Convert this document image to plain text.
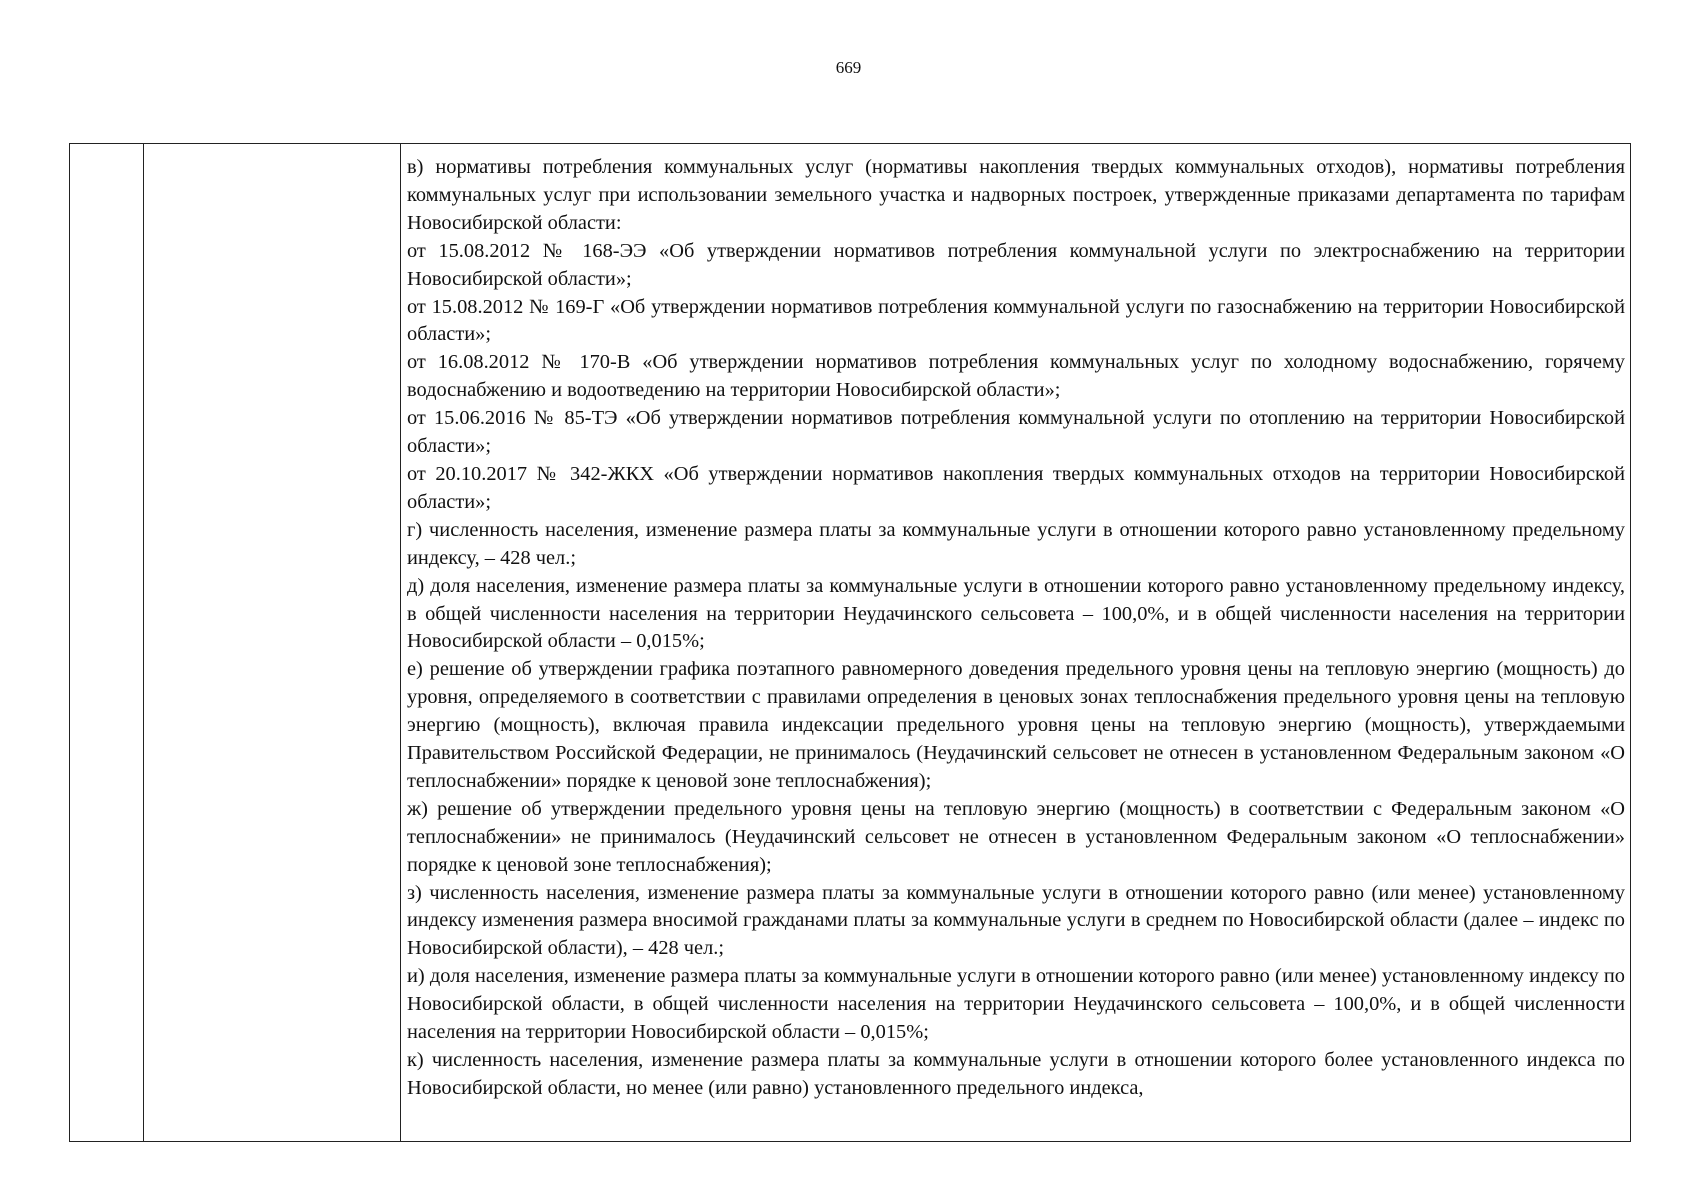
669

в) нормативы потребления коммунальных услуг (нормативы накопления твердых коммунальных отходов), нормативы потребления коммунальных услуг при использовании земельного участка и надворных построек, утвержденные приказами департамента по тарифам Новосибирской области:

от 15.08.2012 № 168-ЭЭ «Об утверждении нормативов потребления коммунальной услуги по электроснабжению на территории Новосибирской области»;

от 15.08.2012 № 169-Г «Об утверждении нормативов потребления коммунальной услуги по газоснабжению на территории Новосибирской области»;

от 16.08.2012 № 170-В «Об утверждении нормативов потребления коммунальных услуг по холодному водоснабжению, горячему водоснабжению и водоотведению на территории Новосибирской области»;

от 15.06.2016 № 85-ТЭ «Об утверждении нормативов потребления коммунальной услуги по отоплению на территории Новосибирской области»;

от 20.10.2017 № 342-ЖКХ «Об утверждении нормативов накопления твердых коммунальных отходов на территории Новосибирской области»;

г) численность населения, изменение размера платы за коммунальные услуги в отношении которого равно установленному предельному индексу, – 428 чел.;

д) доля населения, изменение размера платы за коммунальные услуги в отношении которого равно установленному предельному индексу, в общей численности населения на территории Неудачинского сельсовета – 100,0%, и в общей численности населения на территории Новосибирской области – 0,015%;

е) решение об утверждении графика поэтапного равномерного доведения предельного уровня цены на тепловую энергию (мощность) до уровня, определяемого в соответствии с правилами определения в ценовых зонах теплоснабжения предельного уровня цены на тепловую энергию (мощность), включая правила индексации предельного уровня цены на тепловую энергию (мощность), утверждаемыми Правительством Российской Федерации, не принималось (Неудачинский сельсовет не отнесен в установленном Федеральным законом «О теплоснабжении» порядке к ценовой зоне теплоснабжения);

ж) решение об утверждении предельного уровня цены на тепловую энергию (мощность) в соответствии с Федеральным законом «О теплоснабжении» не принималось (Неудачинский сельсовет не отнесен в установленном Федеральным законом «О теплоснабжении» порядке к ценовой зоне теплоснабжения);

з) численность населения, изменение размера платы за коммунальные услуги в отношении которого равно (или менее) установленному индексу изменения размера вносимой гражданами платы за коммунальные услуги в среднем по Новосибирской области (далее – индекс по Новосибирской области), – 428 чел.;

и) доля населения, изменение размера платы за коммунальные услуги в отношении которого равно (или менее) установленному индексу по Новосибирской области, в общей численности населения на территории Неудачинского сельсовета – 100,0%, и в общей численности населения на территории Новосибирской области – 0,015%;

к) численность населения, изменение размера платы за коммунальные услуги в отношении которого более установленного индекса по Новосибирской области, но менее (или равно) установленного предельного индекса,
